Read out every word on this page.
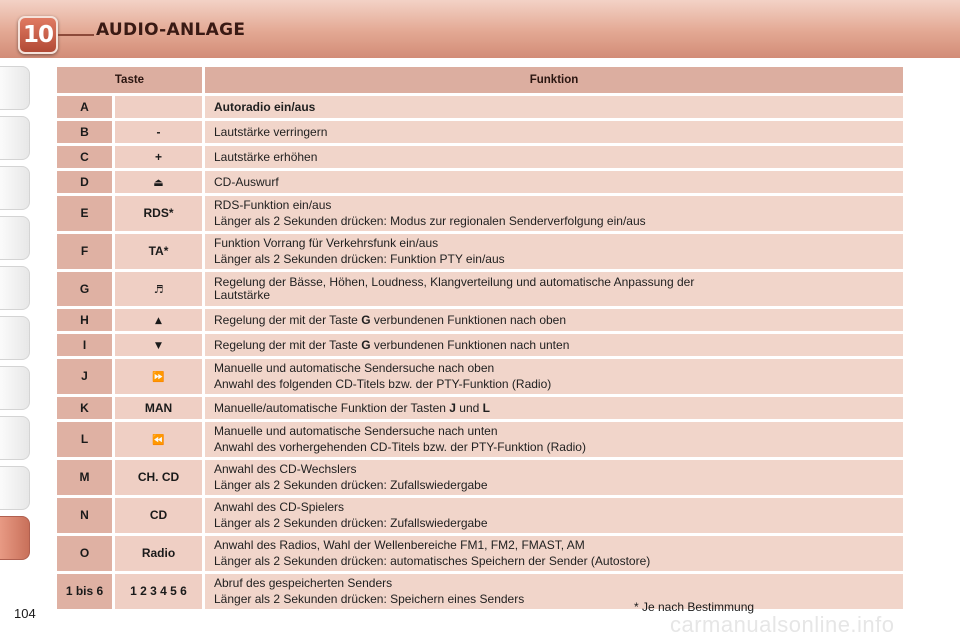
10	AUDIO-ANLAGE
Taste		Funktion
A		Autoradio ein/aus

B	-	Lautstärke verringern

C	+	Lautstärke erhöhen

D	⏏	CD-Auswurf

E	RDS*	RDS-Funktion ein/aus
Länger als 2 Sekunden drücken: Modus zur regionalen Senderverfolgung ein/aus

F	TA*	Funktion Vorrang für Verkehrsfunk ein/aus
Länger als 2 Sekunden drücken: Funktion PTY ein/aus

G	♬	Regelung der Bässe, Höhen, Loudness, Klangverteilung und automatische Anpassung der
Lautstärke

H	▲	Regelung der mit der Taste G verbundenen Funktionen nach oben
I	▼	Regelung der mit der Taste G verbundenen Funktionen nach unten
J	⏩	Manuelle und automatische Sendersuche nach oben
Anwahl des folgenden CD-Titels bzw. der PTY-Funktion (Radio)

K	MAN	Manuelle/automatische Funktion der Tasten J und L
L	⏪	Manuelle und automatische Sendersuche nach unten
Anwahl des vorhergehenden CD-Titels bzw. der PTY-Funktion (Radio)

M	CH. CD	Anwahl des CD-Wechslers
Länger als 2 Sekunden drücken: Zufallswiedergabe

N	CD	Anwahl des CD-Spielers
Länger als 2 Sekunden drücken: Zufallswiedergabe

O	Radio	Anwahl des Radios, Wahl der Wellenbereiche FM1, FM2, FMAST, AM
Länger als 2 Sekunden drücken: automatisches Speichern der Sender (Autostore)

1 bis 6	1 2 3 4 5 6	Abruf des gespeicherten Senders
Länger als 2 Sekunden drücken: Speichern eines Senders
* Je nach Bestimmung
104	carmanualsonline.info
